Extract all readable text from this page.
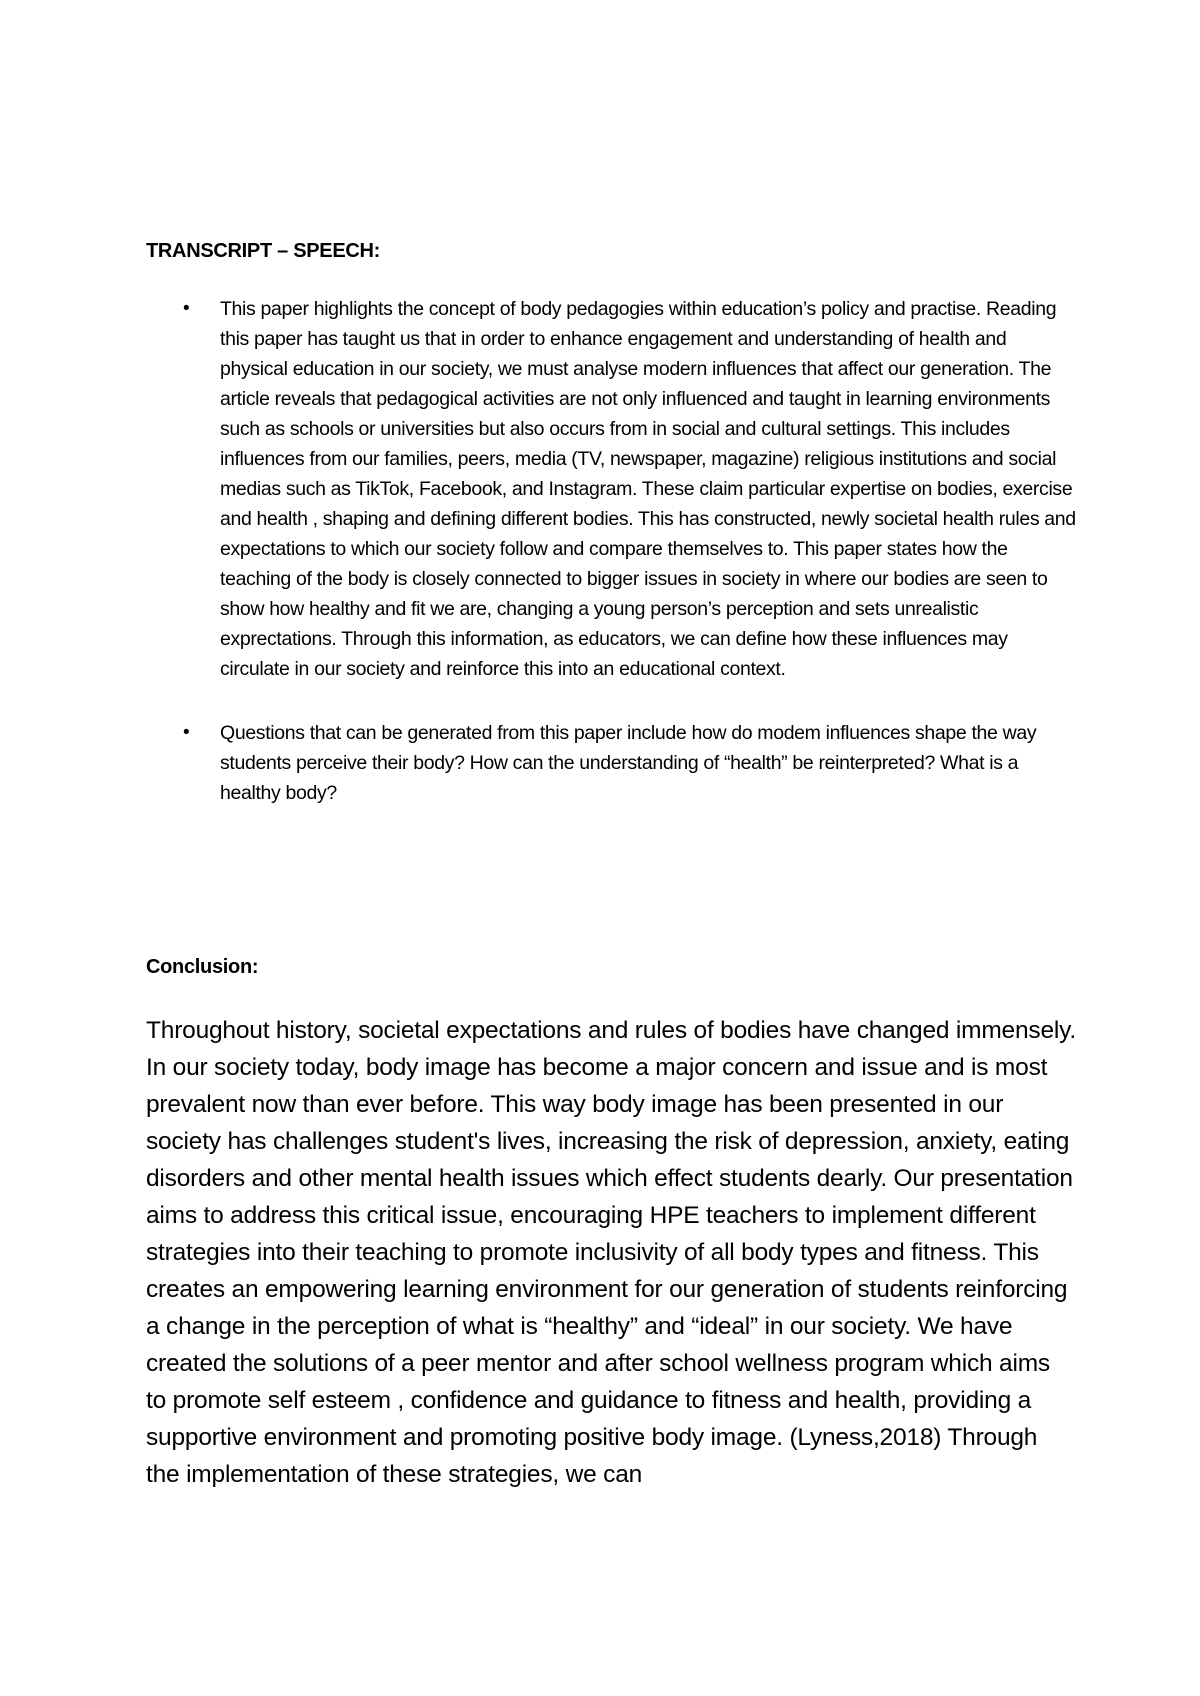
TRANSCRIPT – SPEECH:
• This paper highlights the concept of body pedagogies within education’s policy and practise. Reading this paper has taught us that in order to enhance engagement and understanding of health and physical education in our society, we must analyse modern influences that affect our generation. The article reveals that pedagogical activities are not only influenced and taught in learning environments such as schools or universities but also occurs from in social and cultural settings. This includes influences from our families, peers, media (TV, newspaper, magazine) religious institutions and social medias such as TikTok, Facebook, and Instagram. These claim particular expertise on bodies, exercise and health , shaping and defining different bodies. This has constructed, newly societal health rules and expectations to which our society follow and compare themselves to. This paper states how the teaching of the body is closely connected to bigger issues in society in where our bodies are seen to show how healthy and fit we are, changing a young person’s perception and sets unrealistic exprectations. Through this information, as educators, we can define how these influences may circulate in our society and reinforce this into an educational context.
• Questions that can be generated from this paper include how do modem influences shape the way students perceive their body? How can the understanding of “health” be reinterpreted? What is a healthy body?
Conclusion:

Throughout history, societal expectations and rules of bodies have changed immensely. In our society today, body image has become a major concern and issue and is most prevalent now than ever before. This way body image has been presented in our society has challenges student's lives, increasing the risk of depression, anxiety, eating disorders and other mental health issues which effect students dearly. Our presentation aims to address this critical issue, encouraging HPE teachers to implement different strategies into their teaching to promote inclusivity of all body types and fitness. This creates an empowering learning environment for our generation of students reinforcing a change in the perception of what is “healthy” and “ideal” in our society. We have created the solutions of a peer mentor and after school wellness program which aims to promote self esteem , confidence and guidance to fitness and health, providing a supportive environment and promoting positive body image. (Lyness,2018) Through the implementation of these strategies, we can
